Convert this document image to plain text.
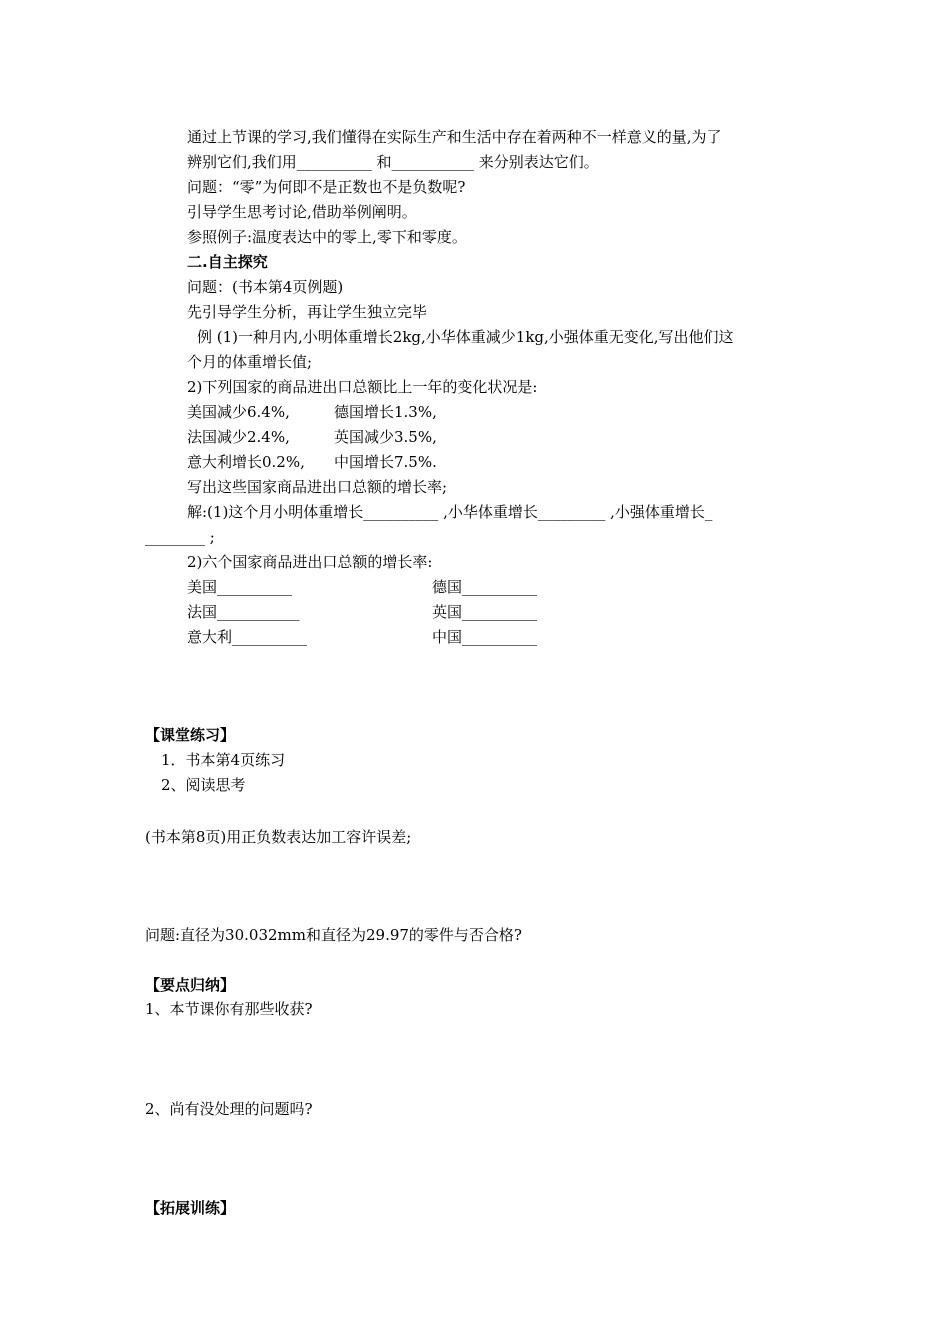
通过上节课的学习,我们懂得在实际生产和生活中存在着两种不一样意义的量,为了
辨别它们,我们用__________ 和___________ 来分别表达它们。
问题：“零”为何即不是正数也不是负数呢?
引导学生思考讨论,借助举例阐明。
参照例子:温度表达中的零上,零下和零度。
二.自主探究
问题：(书本第4页例题)
先引导学生分析，再让学生独立完毕
例 (1)一种月内,小明体重增长2kg,小华体重减少1kg,小强体重无变化,写出他们这
个月的体重增长值;
2)下列国家的商品进出口总额比上一年的变化状况是:
美国减少6.4%,	德国增长1.3%,
法国减少2.4%,	英国减少3.5%,
意大利增长0.2%, 中国增长7.5%.
写出这些国家商品进出口总额的增长率;
解:(1)这个月小明体重增长__________ ,小华体重增长_________ ,小强体重增长_
________ ;
2)六个国家商品进出口总额的增长率:
美国__________	德国__________
法国___________	英国__________
意大利__________	中国__________
【课堂练习】
1．书本第4页练习
2、阅读思考
(书本第8页)用正负数表达加工容许误差;
问题:直径为30.032mm和直径为29.97的零件与否合格?
【要点归纳】
1、本节课你有那些收获?
2、尚有没处理的问题吗?
【拓展训练】
